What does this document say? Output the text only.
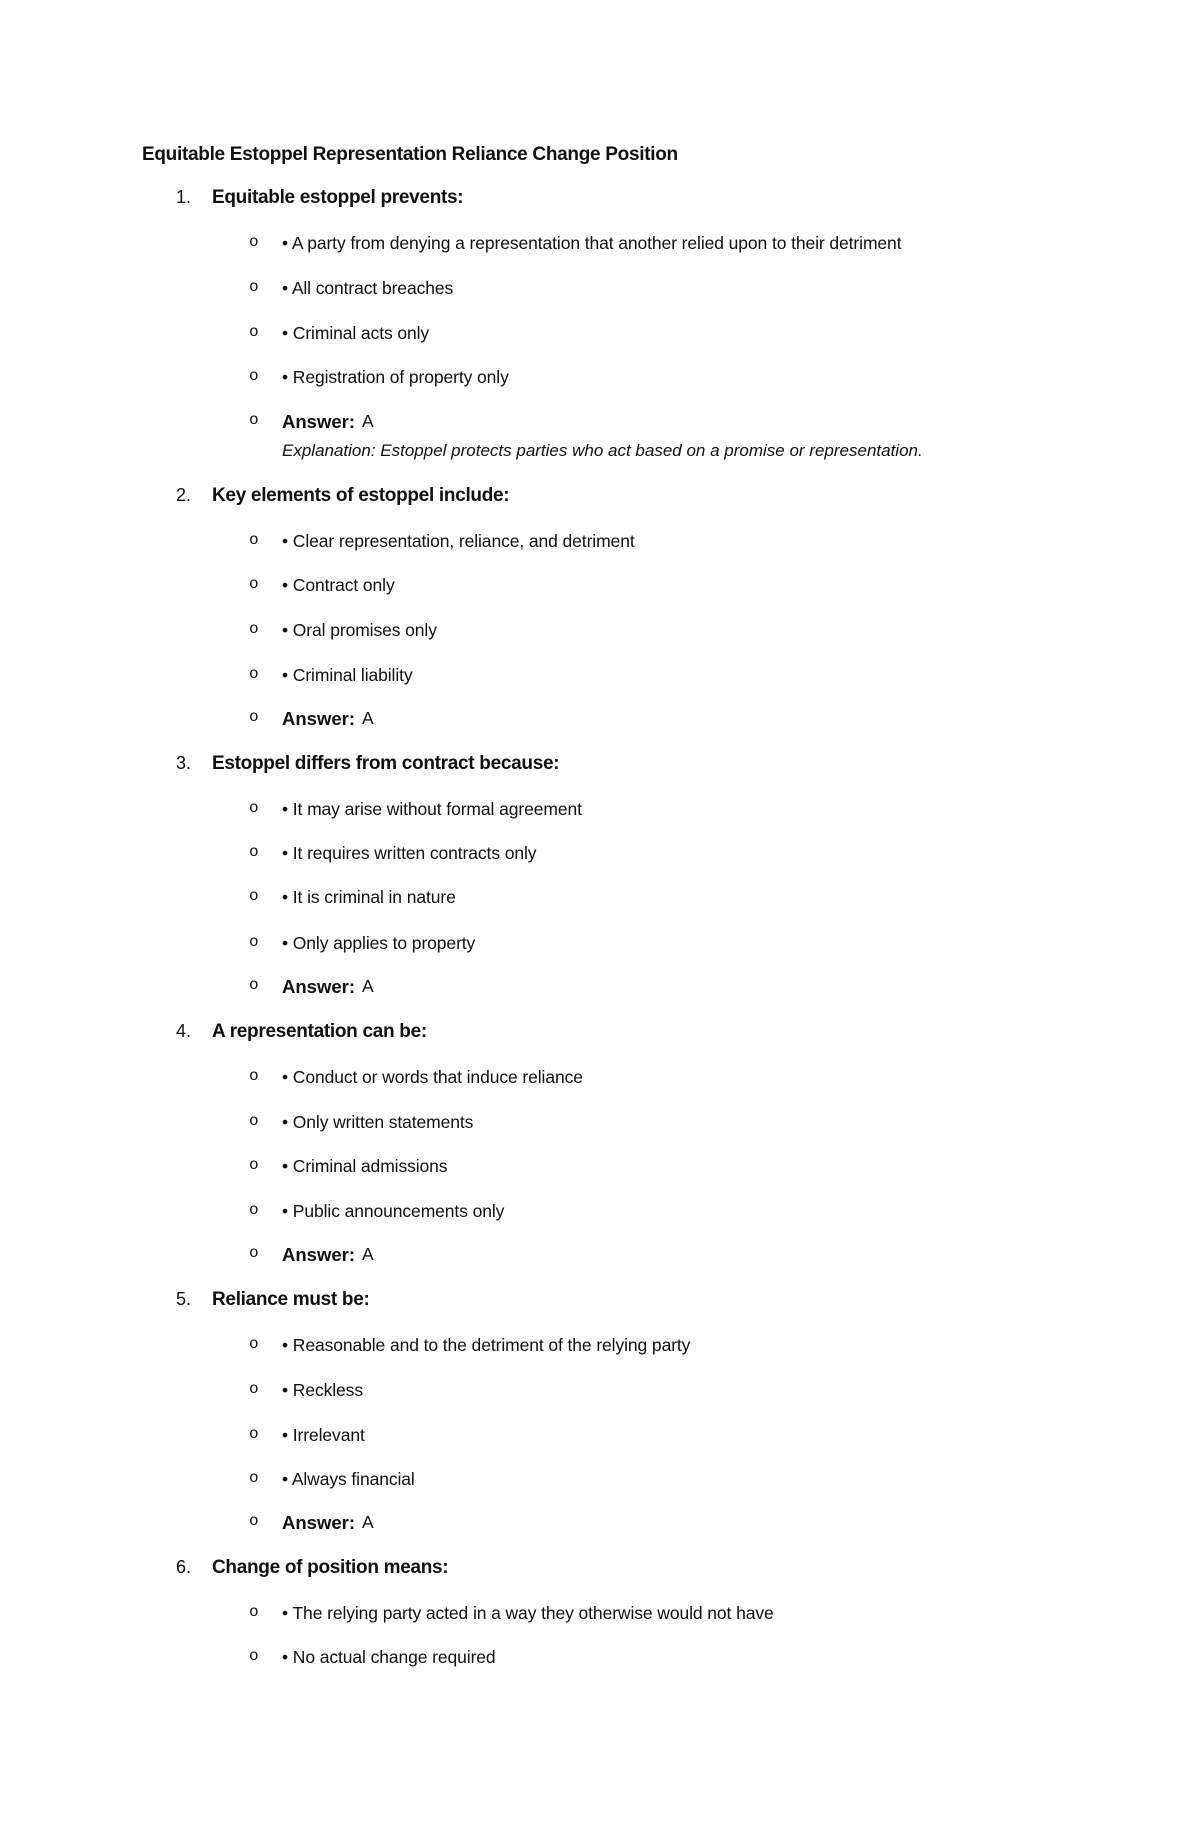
Equitable Estoppel Representation Reliance Change Position
1. Equitable estoppel prevents:
o • A party from denying a representation that another relied upon to their detriment
o • All contract breaches
o • Criminal acts only
o • Registration of property only
o Answer: A
Explanation: Estoppel protects parties who act based on a promise or representation.
2. Key elements of estoppel include:
o • Clear representation, reliance, and detriment
o • Contract only
o • Oral promises only
o • Criminal liability
o Answer: A
3. Estoppel differs from contract because:
o • It may arise without formal agreement
o • It requires written contracts only
o • It is criminal in nature
o • Only applies to property
o Answer: A
4. A representation can be:
o • Conduct or words that induce reliance
o • Only written statements
o • Criminal admissions
o • Public announcements only
o Answer: A
5. Reliance must be:
o • Reasonable and to the detriment of the relying party
o • Reckless
o • Irrelevant
o • Always financial
o Answer: A
6. Change of position means:
o • The relying party acted in a way they otherwise would not have
o • No actual change required
